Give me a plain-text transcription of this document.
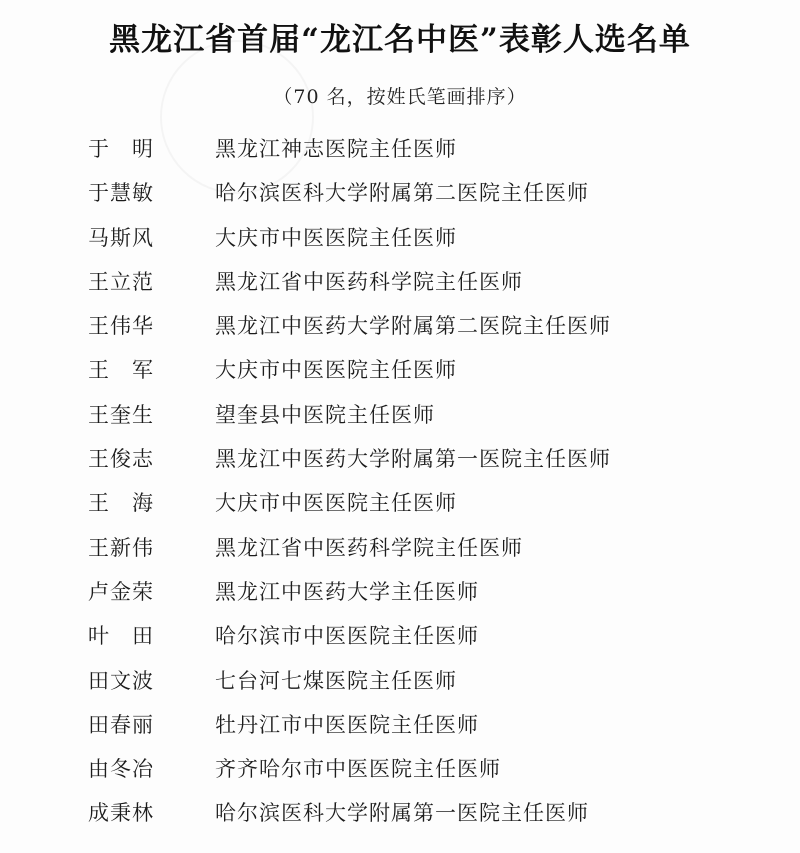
黑龙江省首届“龙江名中医”表彰人选名单

（70 名，按姓氏笔画排序）

于　明	黑龙江神志医院主任医师
于慧敏	哈尔滨医科大学附属第二医院主任医师
马斯风	大庆市中医医院主任医师
王立范	黑龙江省中医药科学院主任医师
王伟华	黑龙江中医药大学附属第二医院主任医师
王　军	大庆市中医医院主任医师
王奎生	望奎县中医院主任医师
王俊志	黑龙江中医药大学附属第一医院主任医师
王　海	大庆市中医医院主任医师
王新伟	黑龙江省中医药科学院主任医师
卢金荣	黑龙江中医药大学主任医师
叶　田	哈尔滨市中医医院主任医师
田文波	七台河七煤医院主任医师
田春丽	牡丹江市中医医院主任医师
由冬冶	齐齐哈尔市中医医院主任医师
成秉林	哈尔滨医科大学附属第一医院主任医师
